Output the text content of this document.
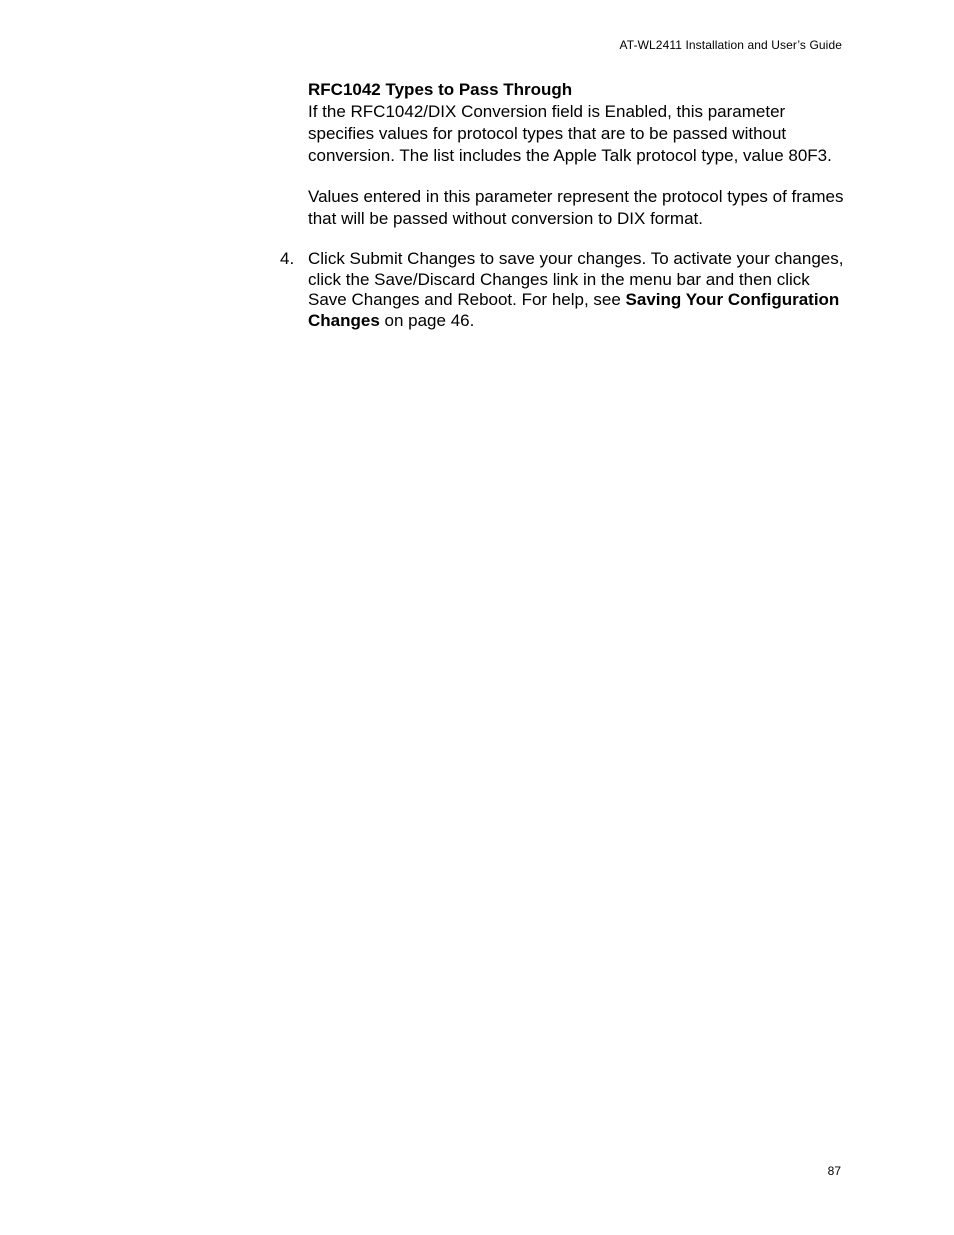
AT-WL2411 Installation and User’s Guide

RFC1042 Types to Pass Through

If the RFC1042/DIX Conversion field is Enabled, this parameter specifies values for protocol types that are to be passed without conversion. The list includes the Apple Talk protocol type, value 80F3.

Values entered in this parameter represent the protocol types of frames that will be passed without conversion to DIX format.

4. Click Submit Changes to save your changes. To activate your changes, click the Save/Discard Changes link in the menu bar and then click Save Changes and Reboot. For help, see Saving Your Configuration Changes on page 46.
87
